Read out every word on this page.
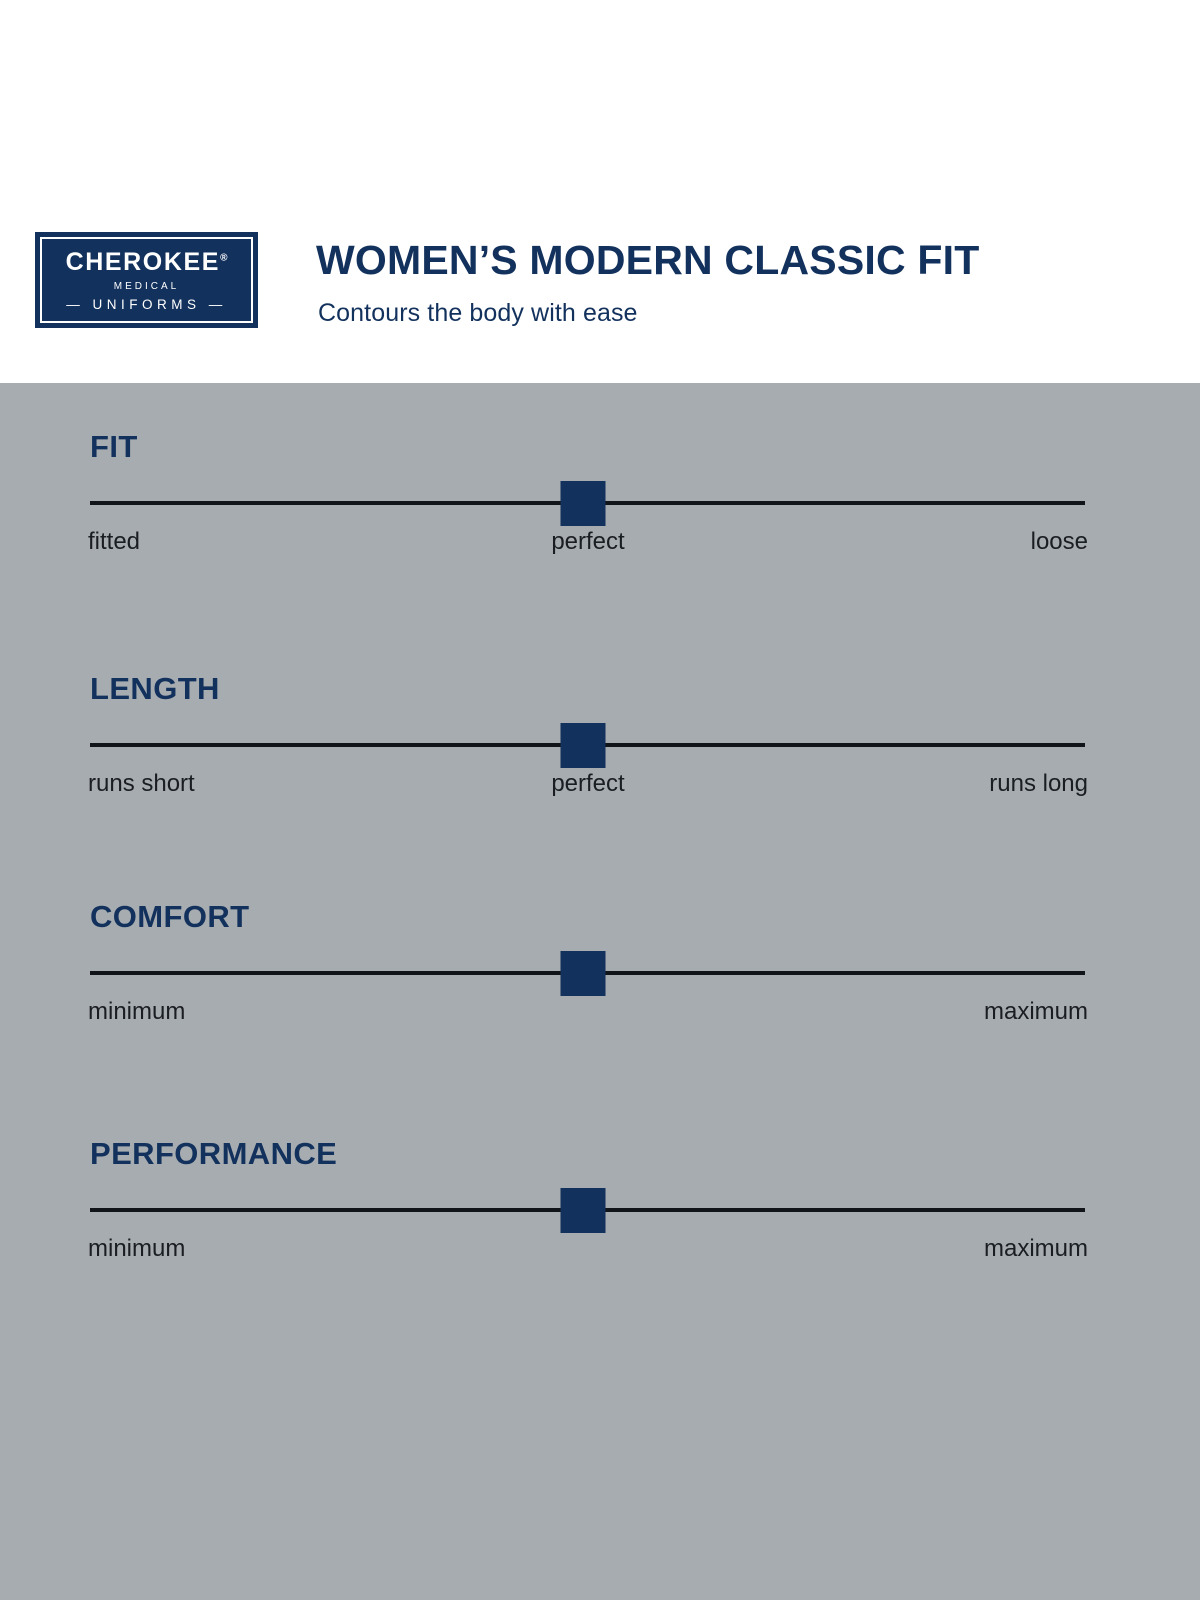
CHEROKEE®
MEDICAL
— UNIFORMS —
WOMEN’S MODERN CLASSIC FIT
Contours the body with ease
FIT
fitted	perfect	loose
LENGTH
runs short	perfect	runs long
COMFORT
minimum	maximum
PERFORMANCE
minimum	maximum
